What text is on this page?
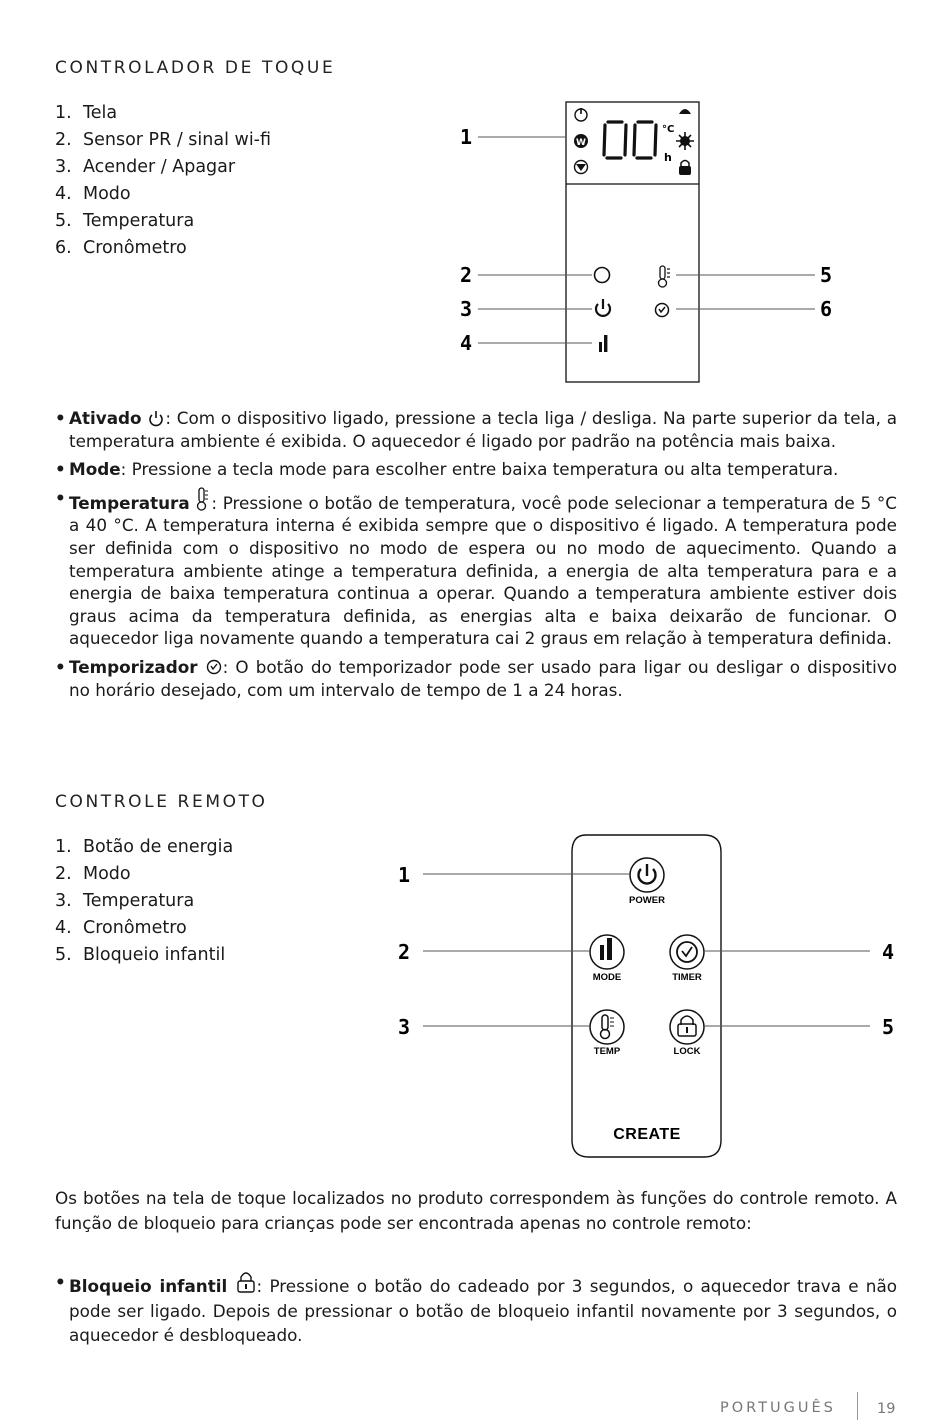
CONTROLADOR DE TOQUE
1. Tela
2. Sensor PR / sinal wi-fi
3. Acender / Apagar
4. Modo
5. Temperatura
6. Cronômetro
W
°C
h
1
2
3
4
5
6
• Ativado : Com o dispositivo ligado, pressione a tecla liga / desliga. Na parte superior da tela, a temperatura ambiente é exibida. O aquecedor é ligado por padrão na potência mais baixa.
• Mode: Pressione a tecla mode para escolher entre baixa temperatura ou alta temperatura.
• Temperatura : Pressione o botão de temperatura, você pode selecionar a temperatura de 5 °C a 40 °C. A temperatura interna é exibida sempre que o dispositivo é ligado. A temperatura pode ser definida com o dispositivo no modo de espera ou no modo de aquecimento. Quando a temperatura ambiente atinge a temperatura definida, a energia de alta temperatura para e a energia de baixa temperatura continua a operar. Quando a temperatura ambiente estiver dois graus acima da temperatura definida, as energias alta e baixa deixarão de funcionar. O aquecedor liga novamente quando a temperatura cai 2 graus em relação à temperatura definida.
• Temporizador : O botão do temporizador pode ser usado para ligar ou desligar o dispositivo no horário desejado, com um intervalo de tempo de 1 a 24 horas.
CONTROLE REMOTO
1. Botão de energia
2. Modo
3. Temperatura
4. Cronômetro
5. Bloqueio infantil
POWER
MODE	TIMER
TEMP	LOCK
CREATE
1
2
3
4
5
Os botões na tela de toque localizados no produto correspondem às funções do controle remoto. A função de bloqueio para crianças pode ser encontrada apenas no controle remoto:
• Bloqueio infantil : Pressione o botão do cadeado por 3 segundos, o aquecedor trava e não pode ser ligado. Depois de pressionar o botão de bloqueio infantil novamente por 3 segundos, o aquecedor é desbloqueado.
PORTUGUÊS	19
